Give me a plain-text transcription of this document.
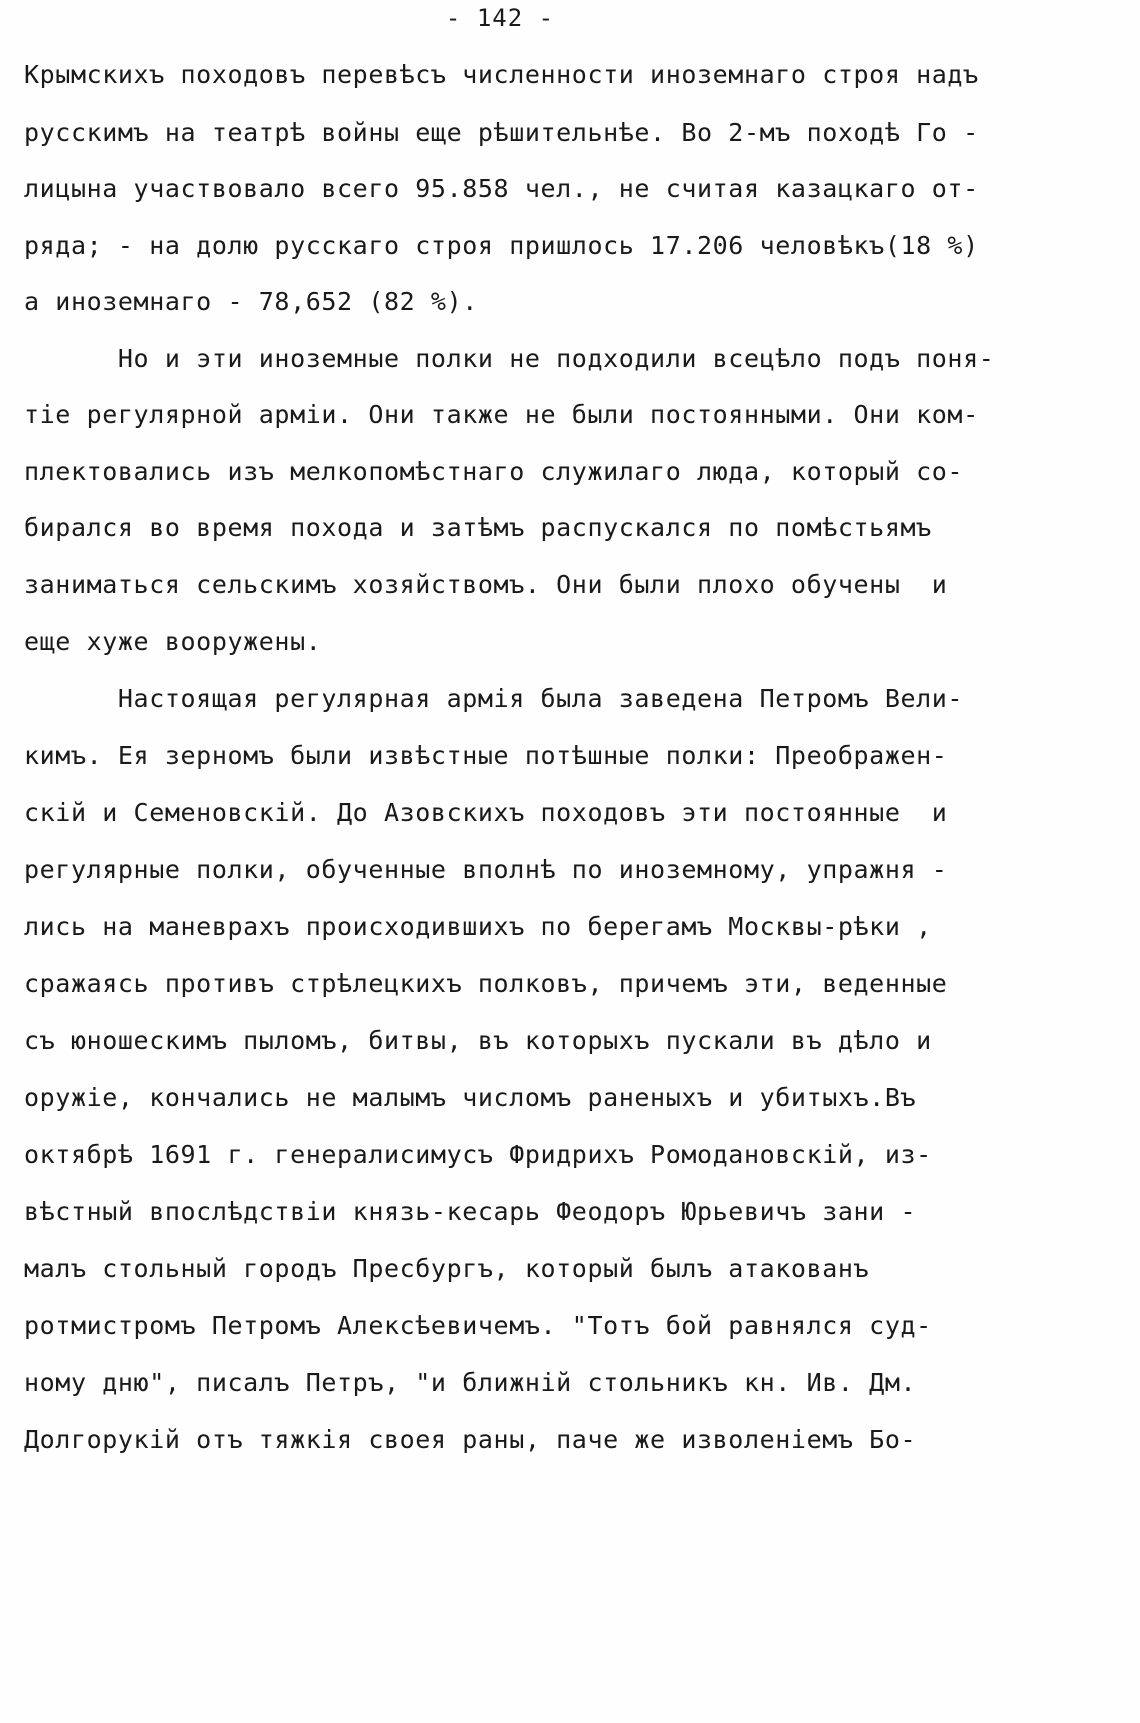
- 142 -
Крымскихъ походовъ перевѣсъ численности иноземнаго строя надъ
русскимъ на театрѣ войны еще рѣшительнѣе. Во 2-мъ походѣ Го -
лицына участвовало всего 95.858 чел., не считая казацкаго от-
ряда; - на долю русскаго строя пришлось 17.206 человѣкъ(18 %)
а иноземнаго - 78,652 (82 %).
Но и эти иноземные полки не подходили всецѣло подъ поня-
тіе регулярной арміи. Они также не были постоянными. Они ком-
плектовались изъ мелкопомѣстнаго служилаго люда, который со-
бирался во время похода и затѣмъ распускался по помѣстьямъ
заниматься сельскимъ хозяйствомъ. Они были плохо обучены  и
еще хуже вооружены.
Настоящая регулярная армія была заведена Петромъ Вели-
кимъ. Ея зерномъ были извѣстные потѣшные полки: Преображен-
скій и Семеновскій. До Азовскихъ походовъ эти постоянные  и
регулярные полки, обученные вполнѣ по иноземному, упражня -
лись на маневрахъ происходившихъ по берегамъ Москвы-рѣки ,
сражаясь противъ стрѣлецкихъ полковъ, причемъ эти, веденные
съ юношескимъ пыломъ, битвы, въ которыхъ пускали въ дѣло и
оружіе, кончались не малымъ числомъ раненыхъ и убитыхъ.Въ
октябрѣ 1691 г. генералисимусъ Фридрихъ Ромодановскій, из-
вѣстный впослѣдствіи князь-кесарь Феодоръ Юрьевичъ зани -
малъ стольный городъ Пресбургъ, который былъ атакованъ
ротмистромъ Петромъ Алексѣевичемъ. "Тотъ бой равнялся суд-
ному дню", писалъ Петръ, "и ближній стольникъ кн. Ив. Дм.
Долгорукій отъ тяжкія своея раны, паче же изволеніемъ Бо-
